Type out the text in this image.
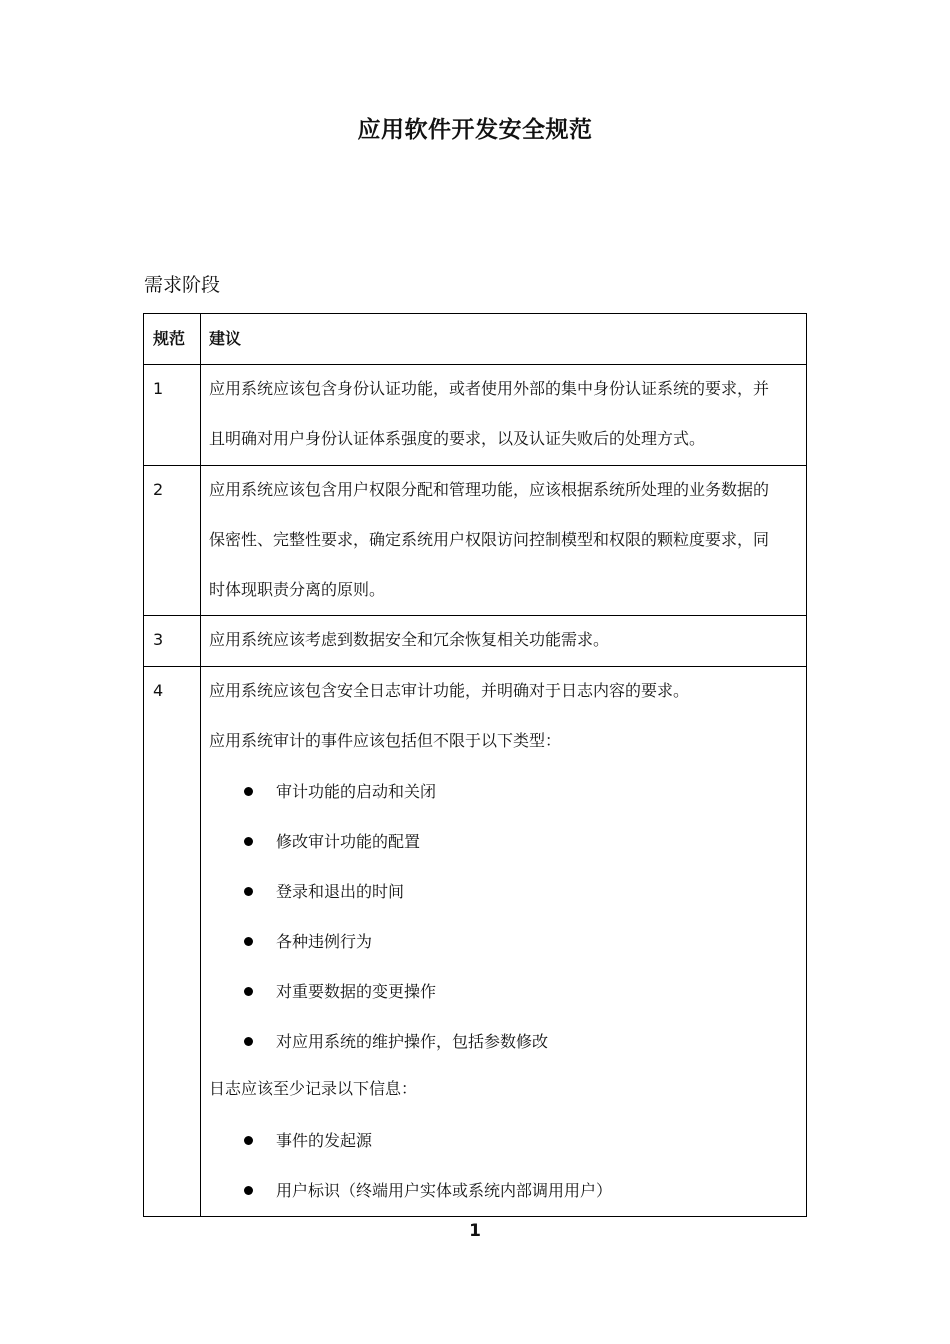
应用软件开发安全规范
需求阶段
规范 建议
1	应用系统应该包含身份认证功能，或者使用外部的集中身份认证系统的要求，并
且明确对用户身份认证体系强度的要求，以及认证失败后的处理方式。
2	应用系统应该包含用户权限分配和管理功能，应该根据系统所处理的业务数据的
保密性、完整性要求，确定系统用户权限访问控制模型和权限的颗粒度要求，同
时体现职责分离的原则。
3	应用系统应该考虑到数据安全和冗余恢复相关功能需求。
4	应用系统应该包含安全日志审计功能，并明确对于日志内容的要求。
应用系统审计的事件应该包括但不限于以下类型：
审计功能的启动和关闭
修改审计功能的配置
登录和退出的时间
各种违例行为
对重要数据的变更操作
对应用系统的维护操作，包括参数修改
日志应该至少记录以下信息：
事件的发起源
用户标识（终端用户实体或系统内部调用用户）
1
